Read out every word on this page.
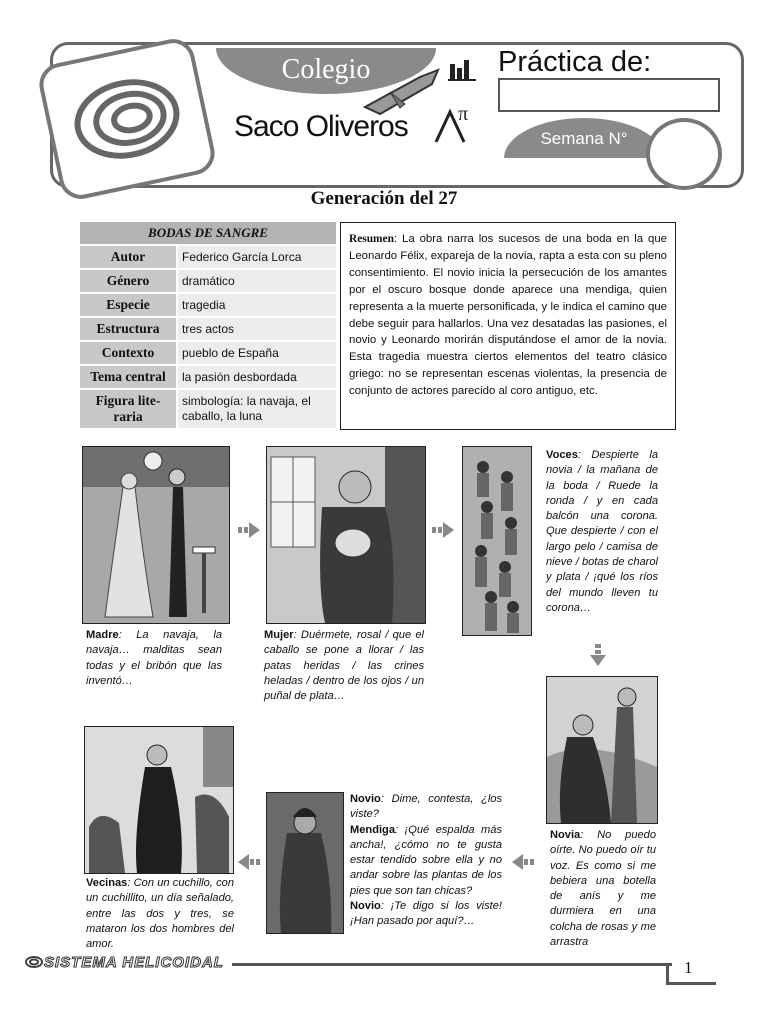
Colegio
Saco Oliveros	π
Práctica de:
Semana N°
Generación del 27
BODAS DE SANGRE	
Autor	Federico García Lorca
Género	dramático
Especie	tragedia
Estructura	tres actos
Contexto	pueblo de España
Tema central	la pasión desbordada
Figura lite-raria	simbología: la navaja, el caballo, la luna
Resumen: La obra narra los sucesos de una boda en la que Leonardo Félix, expareja de la novia, rapta a esta con su pleno consentimiento. El novio inicia la persecución de los amantes por el oscuro bosque donde aparece una mendiga, quien representa a la muerte personificada, y le indica el camino que debe seguir para hallarlos. Una vez desatadas las pasiones, el novio y Leonardo morirán disputándose el amor de la novia. Esta tragedia muestra ciertos elementos del teatro clásico griego: no se representan escenas violentas, la presencia de conjunto de actores parecido al coro antiguo, etc.
Voces: Despierte la novia / la mañana de la boda / Ruede la ronda / y en cada balcón una corona. Que despierte / con el largo pelo / camisa de nieve / botas de charol y plata / ¡qué los ríos del mundo lleven tu corona…
Madre: La navaja, la navaja… malditas sean todas y el bribón que las inventó…
Mujer: Duérmete, rosal / que el caballo se pone a llorar / las patas heridas / las crines heladas / dentro de los ojos / un puñal de plata…
Novia: No puedo oírte. No puedo oír tu voz. Es como si me bebiera una botella de anís y me durmiera en una colcha de rosas y me arrastra
Novio: Dime, contesta, ¿los viste?
Mendiga: ¡Qué espalda más ancha!, ¿cómo no te gusta estar tendido sobre ella y no andar sobre las plantas de los pies que son tan chicas?
Novio: ¡Te digo si los viste! ¡Han pasado por aquí?…
Vecinas: Con un cuchillo, con un cuchillito, un día señalado, entre las dos y tres, se mataron los dos hombres del amor.
SISTEMA HELICOIDAL	1
